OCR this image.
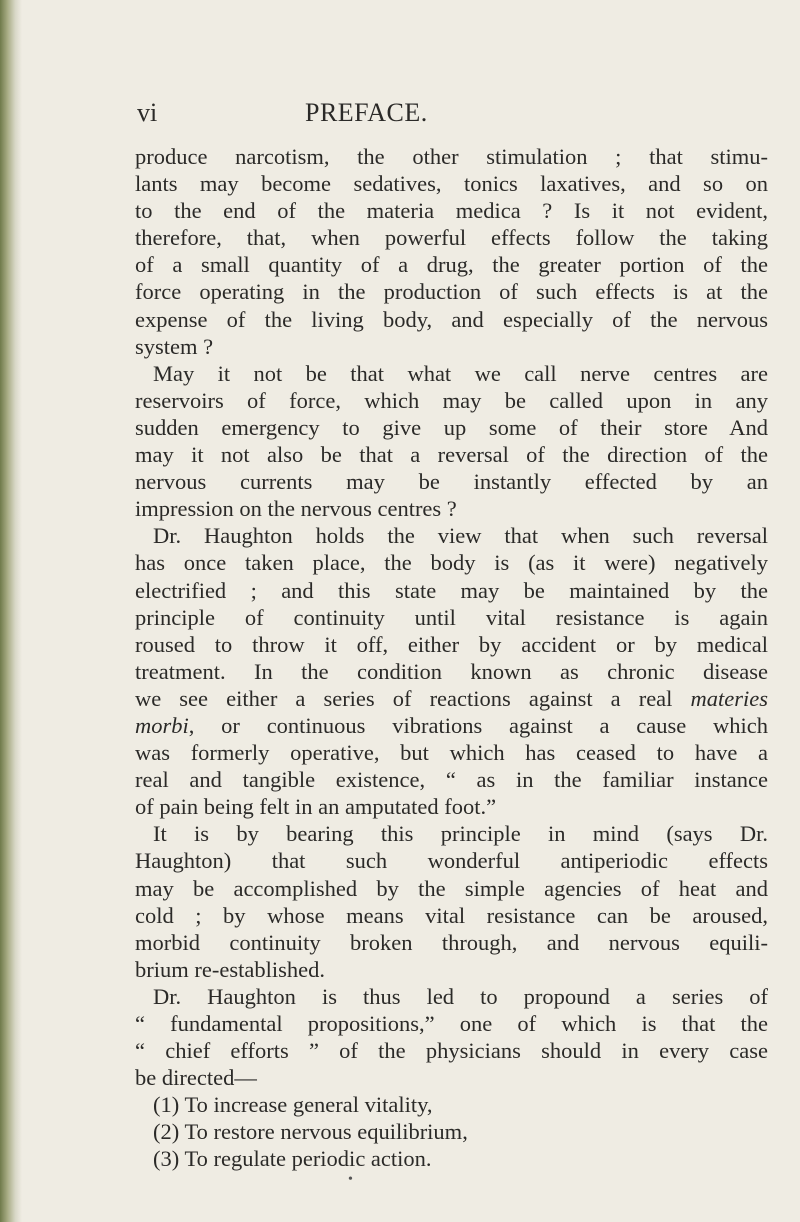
vi	PREFACE.
produce narcotism, the other stimulation ; that stimu-
lants may become sedatives, tonics laxatives, and so on
to the end of the materia medica ? Is it not evident,
therefore, that, when powerful effects follow the taking
of a small quantity of a drug, the greater portion of the
force operating in the production of such effects is at the
expense of the living body, and especially of the nervous
system ?
May it not be that what we call nerve centres are
reservoirs of force, which may be called upon in any
sudden emergency to give up some of their store And
may it not also be that a reversal of the direction of the
nervous currents may be instantly effected by an
impression on the nervous centres ?
Dr. Haughton holds the view that when such reversal
has once taken place, the body is (as it were) negatively
electrified ; and this state may be maintained by the
principle of continuity until vital resistance is again
roused to throw it off, either by accident or by medical
treatment. In the condition known as chronic disease
we see either a series of reactions against a real materies
morbi, or continuous vibrations against a cause which
was formerly operative, but which has ceased to have a
real and tangible existence, “ as in the familiar instance
of pain being felt in an amputated foot.”
It is by bearing this principle in mind (says Dr.
Haughton) that such wonderful antiperiodic effects
may be accomplished by the simple agencies of heat and
cold ; by whose means vital resistance can be aroused,
morbid continuity broken through, and nervous equili-
brium re-established.
Dr. Haughton is thus led to propound a series of
“ fundamental propositions,” one of which is that the
“ chief efforts ” of the physicians should in every case
be directed—
(1) To increase general vitality,
(2) To restore nervous equilibrium,
(3) To regulate periodic action.
•
